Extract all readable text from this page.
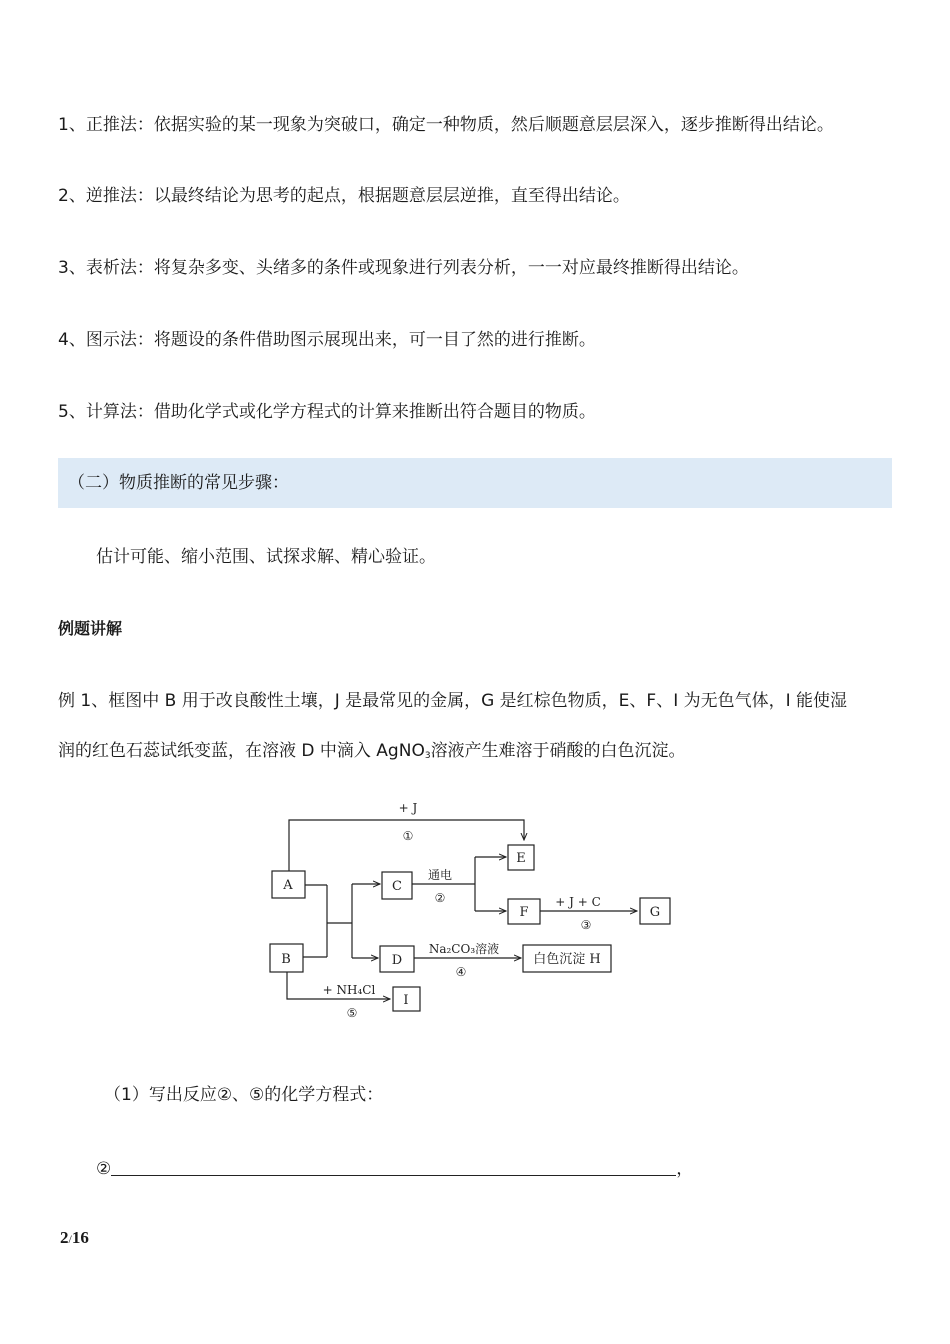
1、正推法：依据实验的某一现象为突破口，确定一种物质，然后顺题意层层深入，逐步推断得出结论。
2、逆推法：以最终结论为思考的起点，根据题意层层逆推，直至得出结论。
3、表析法：将复杂多变、头绪多的条件或现象进行列表分析，一一对应最终推断得出结论。
4、图示法：将题设的条件借助图示展现出来，可一目了然的进行推断。
5、计算法：借助化学式或化学方程式的计算来推断出符合题目的物质。
（二）物质推断的常见步骤：
估计可能、缩小范围、试探求解、精心验证。
例题讲解
例 1、框图中 B 用于改良酸性土壤，J 是最常见的金属，G 是红棕色物质，E、F、I 为无色气体，I 能使湿
润的红色石蕊试纸变蓝，在溶液 D 中滴入 AgNO$_3$溶液产生难溶于硝酸的白色沉淀。
A
B
C
D
E
F	G
白色沉淀 H
I
+ J
①
通电
②	+ J + C
③
Na₂CO₃溶液
④
+ NH₄Cl
⑤
（1）写出反应②、⑤的化学方程式：
②	，
2/16
